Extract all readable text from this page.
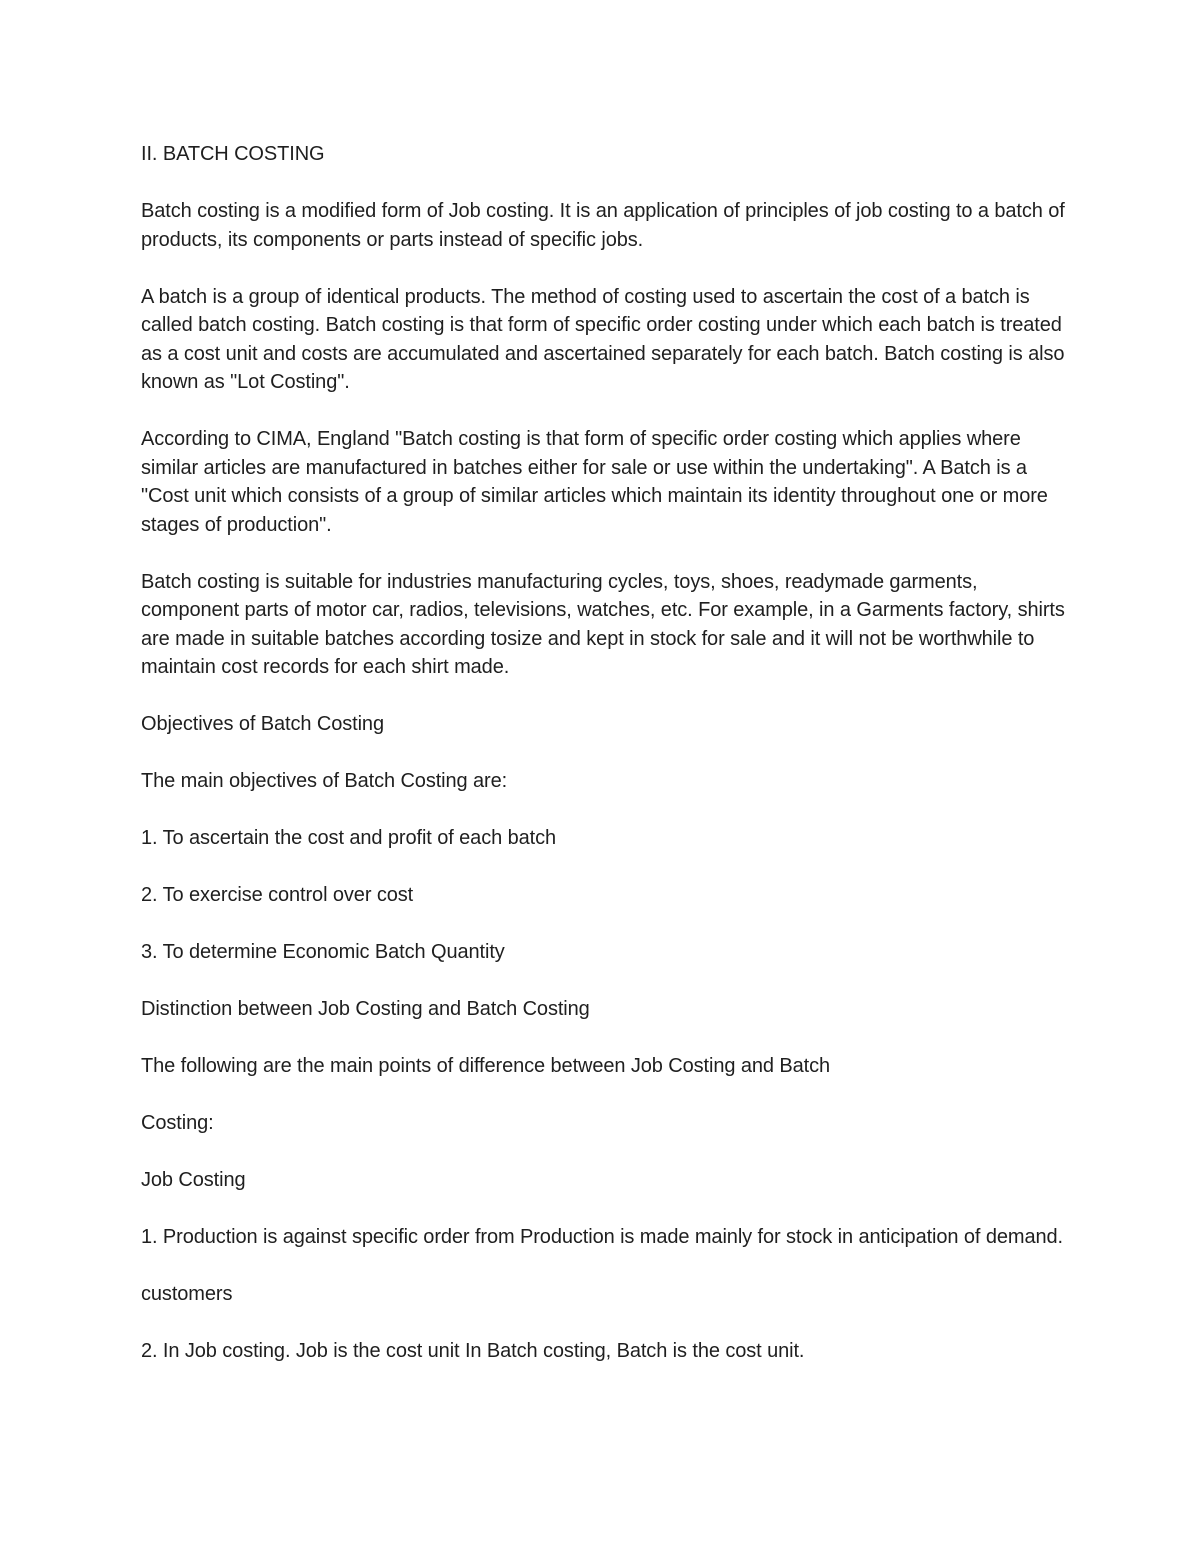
II. BATCH COSTING

Batch costing is a modified form of Job costing. It is an application of principles of job costing to a batch of products, its components or parts instead of specific jobs.

A batch is a group of identical products. The method of costing used to ascertain the cost of a batch is called batch costing. Batch costing is that form of specific order costing under which each batch is treated as a cost unit and costs are accumulated and ascertained separately for each batch. Batch costing is also known as "Lot Costing".

According to CIMA, England "Batch costing is that form of specific order costing which applies where similar articles are manufactured in batches either for sale or use within the undertaking". A Batch is a "Cost unit which consists of a group of similar articles which maintain its identity throughout one or more stages of production".

Batch costing is suitable for industries manufacturing cycles, toys, shoes, readymade garments, component parts of motor car, radios, televisions, watches, etc. For example, in a Garments factory, shirts are made in suitable batches according tosize and kept in stock for sale and it will not be worthwhile to maintain cost records for each shirt made.

Objectives of Batch Costing

The main objectives of Batch Costing are:

1. To ascertain the cost and profit of each batch

2. To exercise control over cost

3. To determine Economic Batch Quantity

Distinction between Job Costing and Batch Costing

The following are the main points of difference between Job Costing and Batch

Costing:

Job Costing

1. Production is against specific order from Production is made mainly for stock in anticipation of demand.

customers

2. In Job costing. Job is the cost unit In Batch costing, Batch is the cost unit.
